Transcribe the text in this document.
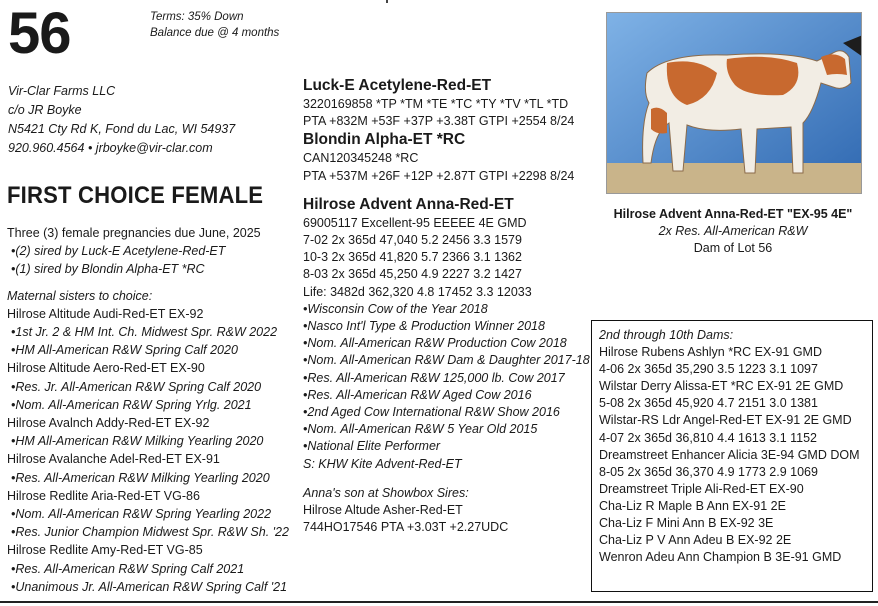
56	Terms: 35% Down
Balance due @ 4 months
Vir-Clar Farms LLC
c/o JR Boyke
N5421 Cty Rd K, Fond du Lac, WI 54937
920.960.4564 • jrboyke@vir-clar.com
FIRST CHOICE FEMALE
Three (3) female pregnancies due June, 2025
•(2) sired by Luck-E Acetylene-Red-ET
•(1) sired by Blondin Alpha-ET *RC
Maternal sisters to choice:
Hilrose Altitude Audi-Red-ET EX-92
•1st Jr. 2 & HM Int. Ch. Midwest Spr. R&W 2022
•HM All-American R&W Spring Calf 2020
Hilrose Altitude Aero-Red-ET EX-90
•Res. Jr. All-American R&W Spring Calf 2020
•Nom. All-American R&W Spring Yrlg. 2021
Hilrose Avalnch Addy-Red-ET EX-92
•HM All-American R&W Milking Yearling 2020
Hilrose Avalanche Adel-Red-ET EX-91
•Res. All-American R&W Milking Yearling 2020
Hilrose Redlite Aria-Red-ET VG-86
•Nom. All-American R&W Spring Yearling 2022
•Res. Junior Champion Midwest Spr. R&W Sh. '22
Hilrose Redlite Amy-Red-ET VG-85
•Res. All-American R&W Spring Calf 2021
•Unanimous Jr. All-American R&W Spring Calf '21
Luck-E Acetylene-Red-ET
3220169858 *TP *TM *TE *TC *TY *TV *TL *TD
PTA +832M +53F +37P +3.38T GTPI +2554 8/24
Blondin Alpha-ET *RC
CAN120345248 *RC
PTA +537M +26F +12P +2.87T GTPI +2298 8/24
Hilrose Advent Anna-Red-ET
69005117 Excellent-95 EEEEE 4E GMD
7-02 2x 365d 47,040 5.2 2456 3.3 1579
10-3 2x 365d 41,820 5.7 2366 3.1 1362
8-03 2x 365d 45,250 4.9 2227 3.2 1427
Life: 3482d 362,320 4.8 17452 3.3 12033
•Wisconsin Cow of the Year 2018
•Nasco Int'l Type & Production Winner 2018
•Nom. All-American R&W Production Cow 2018
•Nom. All-American R&W Dam & Daughter 2017-18
•Res. All-American R&W 125,000 lb. Cow 2017
•Res. All-American R&W Aged Cow 2016
•2nd Aged Cow International R&W Show 2016
•Nom. All-American R&W 5 Year Old 2015
•National Elite Performer
S: KHW Kite Advent-Red-ET
Anna's son at Showbox Sires:
Hilrose Altude Asher-Red-ET
744HO17546 PTA +3.03T +2.27UDC
Hilrose Advent Anna-Red-ET "EX-95 4E"
2x Res. All-American R&W
Dam of Lot 56
2nd through 10th Dams:
Hilrose Rubens Ashlyn *RC EX-91 GMD
4-06 2x 365d 35,290 3.5 1223 3.1 1097
Wilstar Derry Alissa-ET *RC EX-91 2E GMD
5-08 2x 365d 45,920 4.7 2151 3.0 1381
Wilstar-RS Ldr Angel-Red-ET EX-91 2E GMD
4-07 2x 365d 36,810 4.4 1613 3.1 1152
Dreamstreet Enhancer Alicia 3E-94 GMD DOM
8-05 2x 365d 36,370 4.9 1773 2.9 1069
Dreamstreet Triple Ali-Red-ET EX-90
Cha-Liz R Maple B Ann EX-91 2E
Cha-Liz F Mini Ann B EX-92 3E
Cha-Liz P V Ann Adeu B EX-92 2E
Wenron Adeu Ann Champion B 3E-91 GMD
